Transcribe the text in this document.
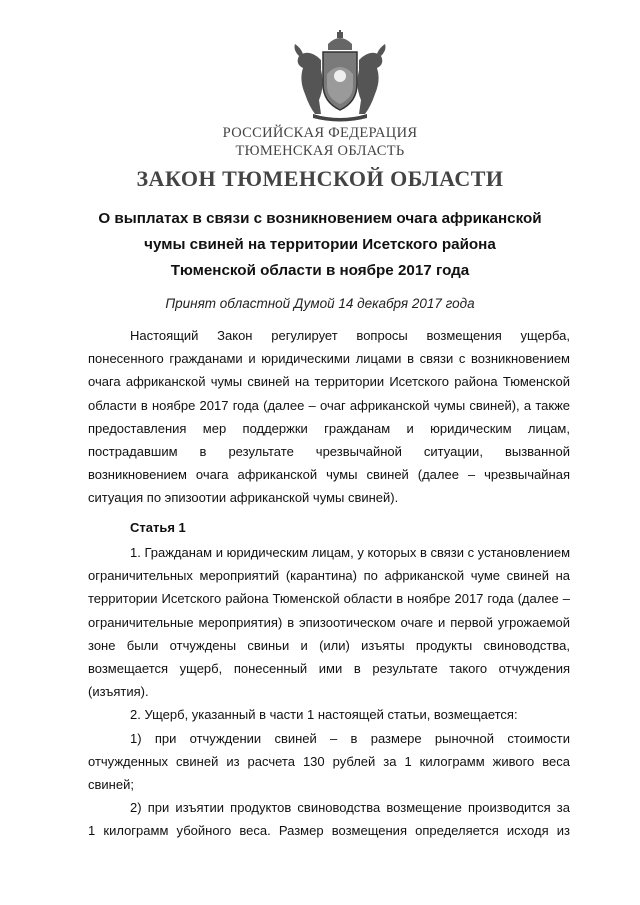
РОССИЙСКАЯ ФЕДЕРАЦИЯ
ТЮМЕНСКАЯ ОБЛАСТЬ
ЗАКОН ТЮМЕНСКОЙ ОБЛАСТИ
О выплатах в связи с возникновением очага африканской
чумы свиней на территории Исетского района
Тюменской области в ноябре 2017 года
Принят областной Думой 14 декабря 2017 года
Настоящий Закон регулирует вопросы возмещения ущерба,
понесенного гражданами и юридическими лицами в связи с возникновением
очага африканской чумы свиней на территории Исетского района Тюменской
области в ноябре 2017 года (далее – очаг африканской чумы свиней), а также
предоставления мер поддержки гражданам и юридическим лицам,
пострадавшим в результате чрезвычайной ситуации, вызванной
возникновением очага африканской чумы свиней (далее – чрезвычайная
ситуация по эпизоотии африканской чумы свиней).
Статья 1
1. Гражданам и юридическим лицам, у которых в связи с установлением
ограничительных мероприятий (карантина) по африканской чуме свиней на
территории Исетского района Тюменской области в ноябре 2017 года (далее –
ограничительные мероприятия) в эпизоотическом очаге и первой угрожаемой
зоне были отчуждены свиньи и (или) изъяты продукты свиноводства,
возмещается ущерб, понесенный ими в результате такого отчуждения
(изъятия).
2. Ущерб, указанный в части 1 настоящей статьи, возмещается:
1) при отчуждении свиней – в размере рыночной стоимости
отчужденных свиней из расчета 130 рублей за 1 килограмм живого веса
свиней;
2) при изъятии продуктов свиноводства возмещение производится за
1 килограмм убойного веса. Размер возмещения определяется исходя из
